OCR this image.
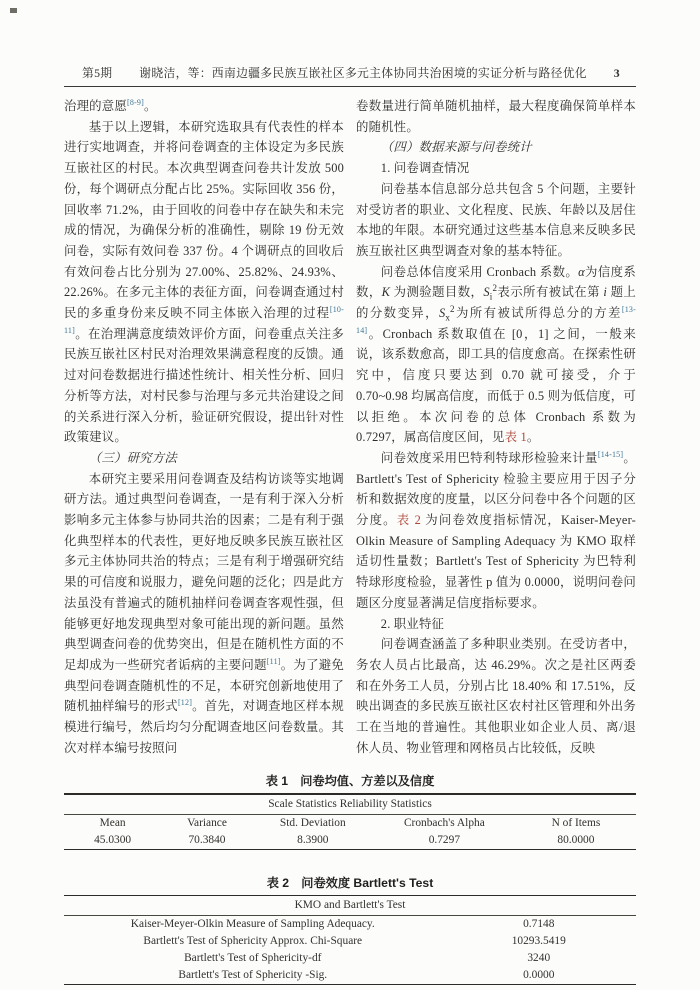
第5期	谢晓洁，等：西南边疆多民族互嵌社区多元主体协同共治困境的实证分析与路径优化	3

治理的意愿[8-9]。

基于以上逻辑，本研究选取具有代表性的样本进行实地调查，并将问卷调查的主体设定为多民族互嵌社区的村民。本次典型调查问卷共计发放 500 份，每个调研点分配占比 25%。实际回收 356 份，回收率 71.2%，由于回收的问卷中存在缺失和未完成的情况，为确保分析的准确性，剔除 19 份无效问卷，实际有效问卷 337 份。4 个调研点的回收后有效问卷占比分别为 27.00%、25.82%、24.93%、22.26%。在多元主体的表征方面，问卷调查通过村民的多重身份来反映不同主体嵌入治理的过程[10-11]。在治理满意度绩效评价方面，问卷重点关注多民族互嵌社区村民对治理效果满意程度的反馈。通过对问卷数据进行描述性统计、相关性分析、回归分析等方法，对村民参与治理与多元共治建设之间的关系进行深入分析，验证研究假设，提出针对性政策建议。

（三）研究方法

本研究主要采用问卷调查及结构访谈等实地调研方法。通过典型问卷调查，一是有利于深入分析影响多元主体参与协同共治的因素；二是有利于强化典型样本的代表性，更好地反映多民族互嵌社区多元主体协同共治的特点；三是有利于增强研究结果的可信度和说服力，避免问题的泛化；四是此方法虽没有普遍式的随机抽样问卷调查客观性强，但能够更好地发现典型对象可能出现的新问题。虽然典型调查问卷的优势突出，但是在随机性方面的不足却成为一些研究者诟病的主要问题[11]。为了避免典型问卷调查随机性的不足，本研究创新地使用了随机抽样编号的形式[12]。首先，对调查地区样本规模进行编号，然后均匀分配调查地区问卷数量。其次对样本编号按照问

卷数量进行简单随机抽样，最大程度确保简单样本的随机性。

（四）数据来源与问卷统计

1. 问卷调查情况

问卷基本信息部分总共包含 5 个问题，主要针对受访者的职业、文化程度、民族、年龄以及居住本地的年限。本研究通过这些基本信息来反映多民族互嵌社区典型调查对象的基本特征。

问卷总体信度采用 Cronbach 系数。α为信度系数，K 为测验题目数，$S_i^2$表示所有被试在第 i 题上的分数变异，$S_x^2$为所有被试所得总分的方差[13-14]。Cronbach 系数取值在 [0，1] 之间，一般来说，该系数愈高，即工具的信度愈高。在探索性研究中，信度只要达到 0.70 就可接受，介于 0.70~0.98 均属高信度，而低于 0.5 则为低信度，可以拒绝。本次问卷的总体 Cronbach 系数为 0.7297，属高信度区间，见表 1。

问卷效度采用巴特利特球形检验来计量[14-15]。Bartlett's Test of Sphericity 检验主要应用于因子分析和数据效度的度量，以区分问卷中各个问题的区分度。表 2 为问卷效度指标情况，Kaiser-Meyer-Olkin Measure of Sampling Adequacy 为 KMO 取样适切性量数；Bartlett's Test of Sphericity 为巴特利特球形度检验，显著性 p 值为 0.0000，说明问卷问题区分度显著满足信度指标要求。

2. 职业特征

问卷调查涵盖了多种职业类别。在受访者中，务农人员占比最高，达 46.29%。次之是社区两委和在外务工人员，分别占比 18.40% 和 17.51%，反映出调查的多民族互嵌社区农村社区管理和外出务工在当地的普遍性。其他职业如企业人员、离/退休人员、物业管理和网格员占比较低，反映

表 1　问卷均值、方差以及信度
Scale Statistics Reliability Statistics				
Mean	Variance	Std. Deviation	Cronbach's Alpha	N of Items
45.0300	70.3840	8.3900	0.7297	80.0000
表 2　问卷效度 Bartlett's Test
KMO and Bartlett's Test	
Kaiser-Meyer-Olkin Measure of Sampling Adequacy.	0.7148
Bartlett's Test of Sphericity Approx. Chi-Square	10293.5419
Bartlett's Test of Sphericity-df	3240
Bartlett's Test of Sphericity -Sig.	0.0000
